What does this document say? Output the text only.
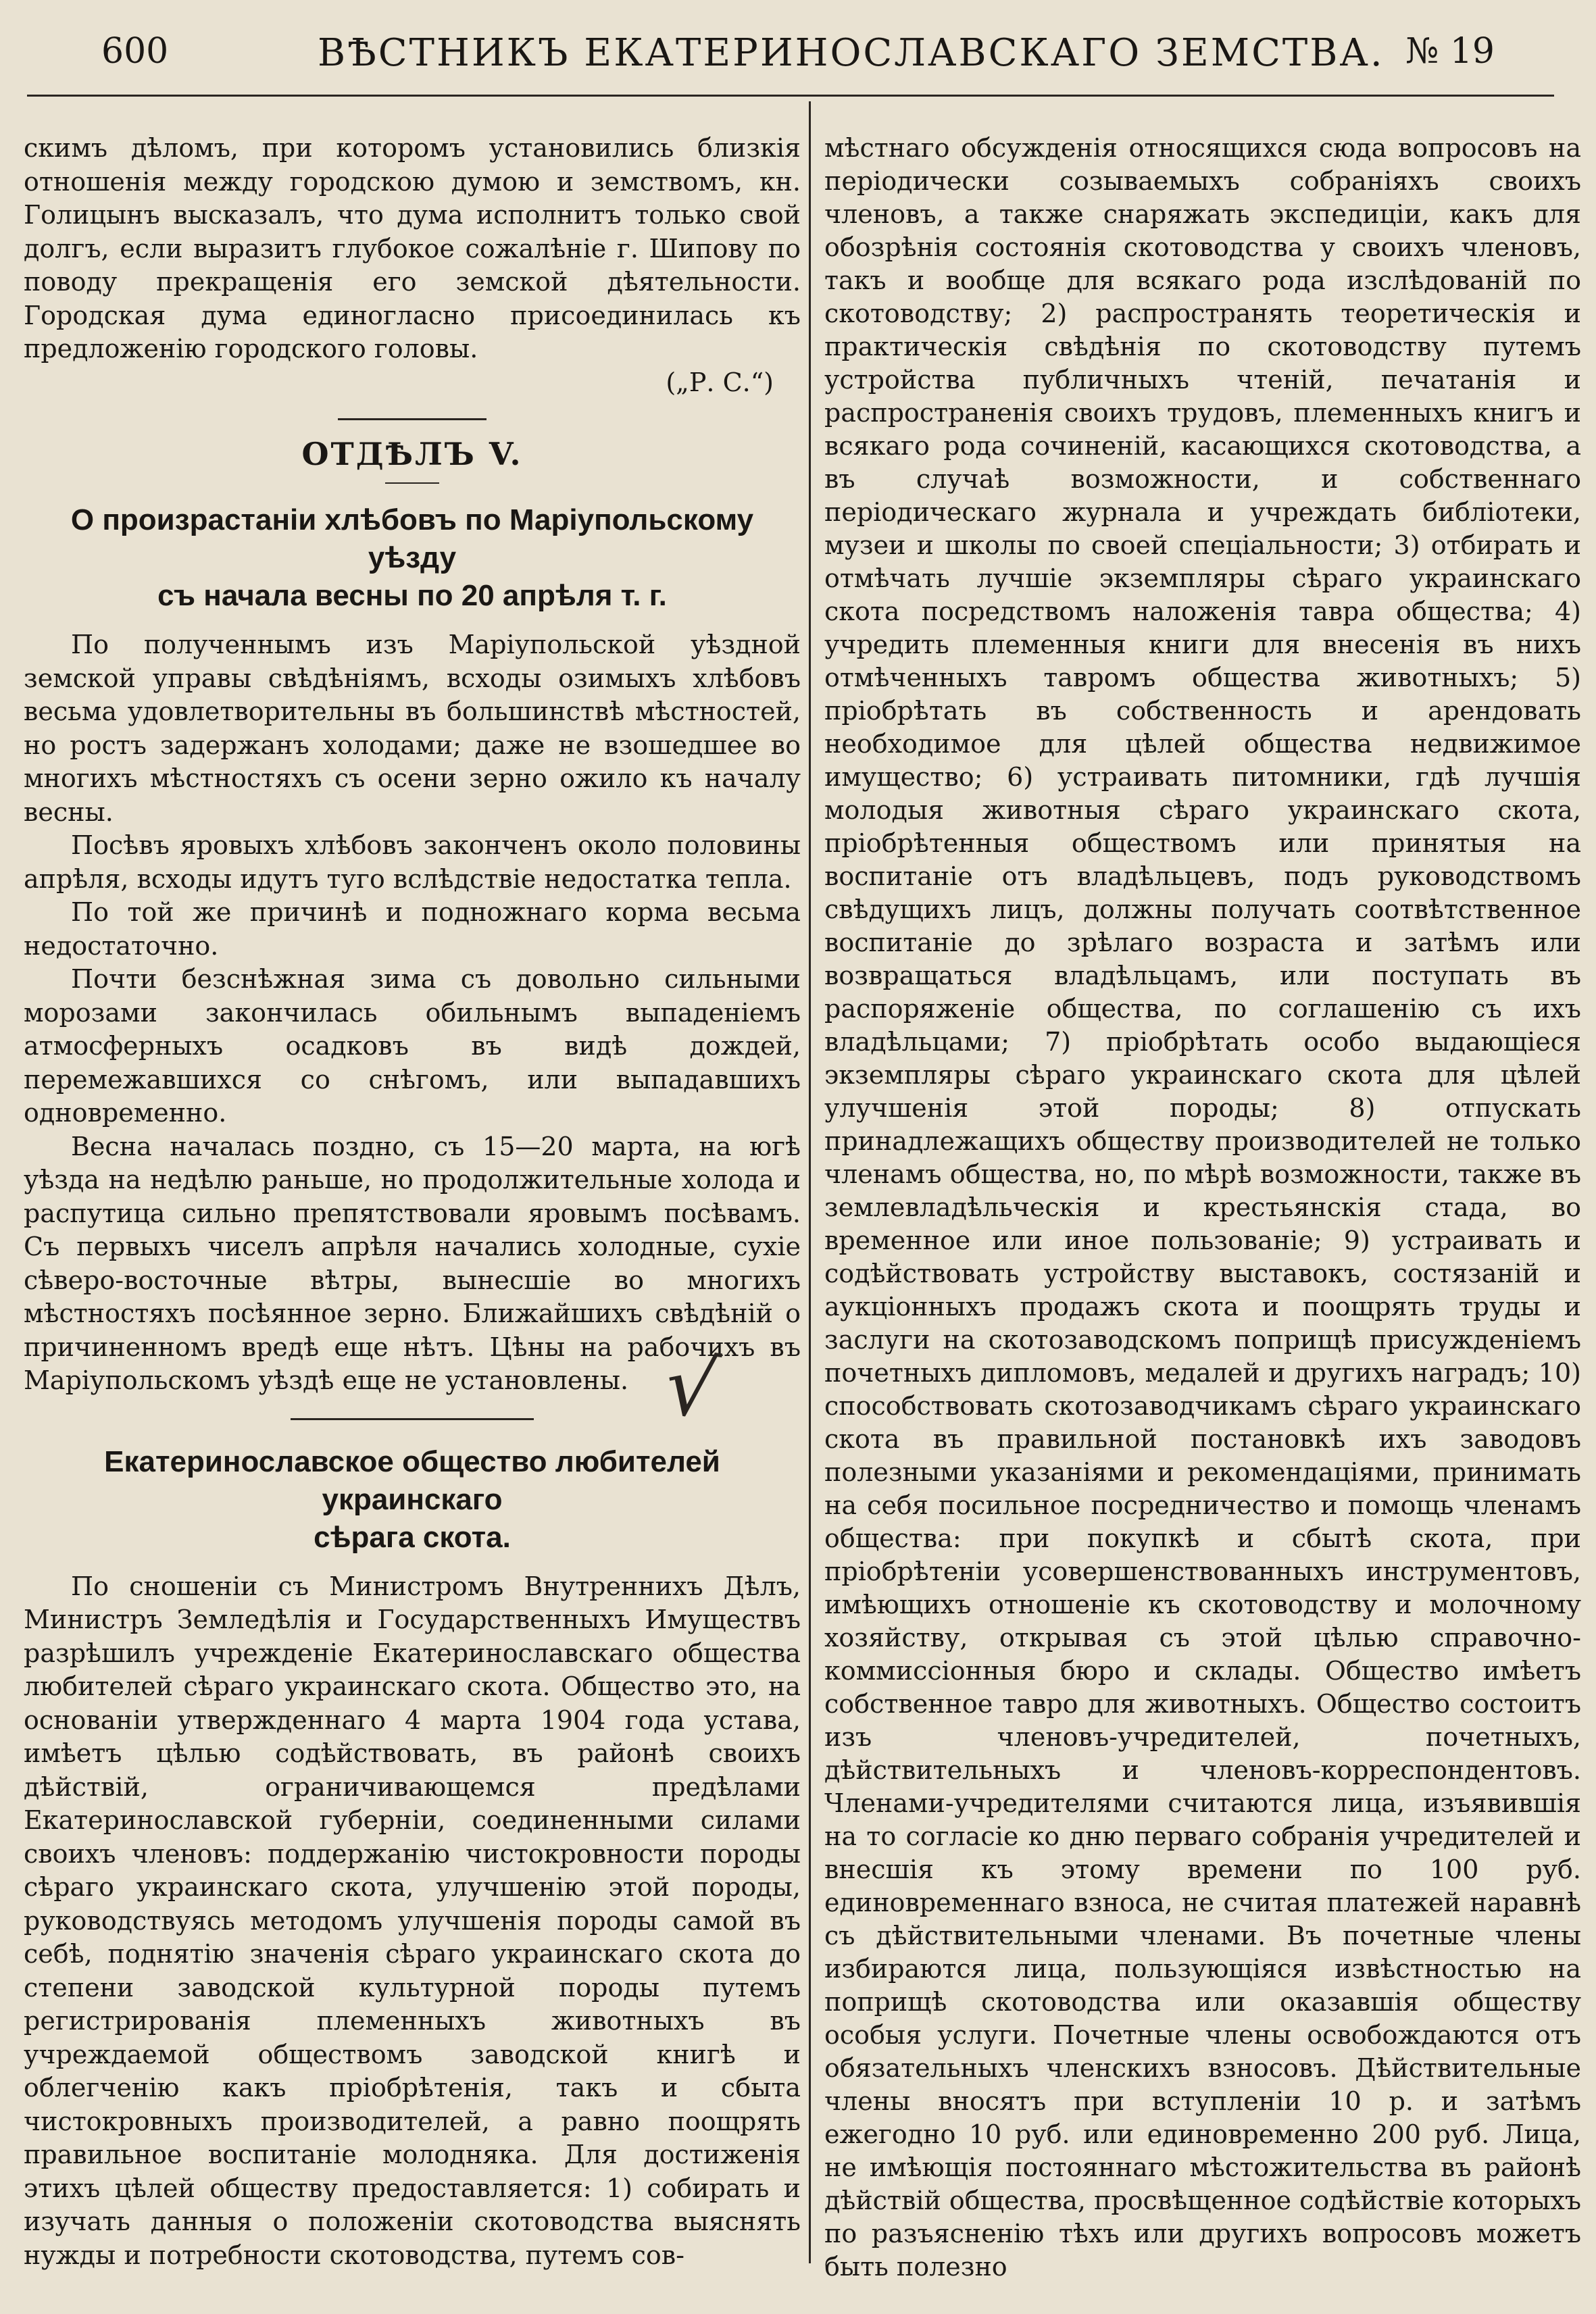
600	ВѢСТНИКЪ ЕКАТЕРИНОСЛАВСКАГО ЗЕМСТВА. № 19

скимъ дѣломъ, при которомъ установились близкія отношенія между городскою думою и земствомъ, кн. Голицынъ высказалъ, что дума исполнитъ только свой долгъ, если выразитъ глубокое сожалѣніе г. Шипову по поводу прекращенія его земской дѣятельности. Городская дума единогласно присоединилась къ предложенію городского головы.

(„Р. С.“)
ОТДѢЛЪ V.
О произрастаніи хлѣбовъ по Маріупольскому уѣзду
съ начала весны по 20 апрѣля т. г.

По полученнымъ изъ Маріупольской уѣздной земской управы свѣдѣніямъ, всходы озимыхъ хлѣбовъ весьма удовлетворительны въ большинствѣ мѣстностей, но ростъ задержанъ холодами; даже не взошедшее во многихъ мѣстностяхъ съ осени зерно ожило къ началу весны.

Посѣвъ яровыхъ хлѣбовъ законченъ около половины апрѣля, всходы идутъ туго вслѣдствіе недостатка тепла.

По той же причинѣ и подножнаго корма весьма недостаточно.

Почти безснѣжная зима съ довольно сильными морозами закончилась обильнымъ выпаденіемъ атмосферныхъ осадковъ въ видѣ дождей, перемежавшихся со снѣгомъ, или выпадавшихъ одновременно.

Весна началась поздно, съ 15—20 марта, на югѣ уѣзда на недѣлю раньше, но продолжительные холода и распутица сильно препятствовали яровымъ посѣвамъ. Съ первыхъ чиселъ апрѣля начались холодные, сухіе сѣверо-восточные вѣтры, вынесшіе во многихъ мѣстностяхъ посѣянное зерно. Ближайшихъ свѣдѣній о причиненномъ вредѣ еще нѣтъ. Цѣны на рабочихъ въ Маріупольскомъ уѣздѣ еще не установлены.

Екатеринославское общество любителей украинскаго
сѣрага скота.

По сношеніи съ Министромъ Внутреннихъ Дѣлъ, Министръ Земледѣлія и Государственныхъ Имуществъ разрѣшилъ учрежденіе Екатеринославскаго общества любителей сѣраго украинскаго скота. Общество это, на основаніи утвержденнаго 4 марта 1904 года устава, имѣетъ цѣлью содѣйствовать, въ районѣ своихъ дѣйствій, ограничивающемся предѣлами Екатеринославской губерніи, соединенными силами своихъ членовъ: поддержанію чистокровности породы сѣраго украинскаго скота, улучшенію этой породы, руководствуясь методомъ улучшенія породы самой въ себѣ, поднятію значенія сѣраго украинскаго скота до степени заводской культурной породы путемъ регистрированія племенныхъ животныхъ въ учреждаемой обществомъ заводской книгѣ и облегченію какъ пріобрѣтенія, такъ и сбыта чистокровныхъ производителей, а равно поощрять правильное воспитаніе молодняка. Для достиженія этихъ цѣлей обществу предоставляется: 1) собирать и изучать данныя о положеніи скотоводства выяснять нужды и потребности скотоводства, путемъ сов-

мѣстнаго обсужденія относящихся сюда вопросовъ на періодически созываемыхъ собраніяхъ своихъ членовъ, а также снаряжать экспедиціи, какъ для обозрѣнія состоянія скотоводства у своихъ членовъ, такъ и вообще для всякаго рода изслѣдованій по скотоводству; 2) распространять теоретическія и практическія свѣдѣнія по скотоводству путемъ устройства публичныхъ чтеній, печатанія и распространенія своихъ трудовъ, племенныхъ книгъ и всякаго рода сочиненій, касающихся скотоводства, а въ случаѣ возможности, и собственнаго періодическаго журнала и учреждать библіотеки, музеи и школы по своей спеціальности; 3) отбирать и отмѣчать лучшіе экземпляры сѣраго украинскаго скота посредствомъ наложенія тавра общества; 4) учредить племенныя книги для внесенія въ нихъ отмѣченныхъ тавромъ общества животныхъ; 5) пріобрѣтать въ собственность и арендовать необходимое для цѣлей общества недвижимое имущество; 6) устраивать питомники, гдѣ лучшія молодыя животныя сѣраго украинскаго скота, пріобрѣтенныя обществомъ или принятыя на воспитаніе отъ владѣльцевъ, подъ руководствомъ свѣдущихъ лицъ, должны получать соотвѣтственное воспитаніе до зрѣлаго возраста и затѣмъ или возвращаться владѣльцамъ, или поступать въ распоряженіе общества, по соглашенію съ ихъ владѣльцами; 7) пріобрѣтать особо выдающіеся экземпляры сѣраго украинскаго скота для цѣлей улучшенія этой породы; 8) отпускать принадлежащихъ обществу производителей не только членамъ общества, но, по мѣрѣ возможности, также въ землевладѣльческія и крестьянскія стада, во временное или иное пользованіе; 9) устраивать и содѣйствовать устройству выставокъ, состязаній и аукціонныхъ продажъ скота и поощрять труды и заслуги на скотозаводскомъ поприщѣ присужденіемъ почетныхъ дипломовъ, медалей и другихъ наградъ; 10) способствовать скотозаводчикамъ сѣраго украинскаго скота въ правильной постановкѣ ихъ заводовъ полезными указаніями и рекомендаціями, принимать на себя посильное посредничество и помощь членамъ общества: при покупкѣ и сбытѣ скота, при пріобрѣтеніи усовершенствованныхъ инструментовъ, имѣющихъ отношеніе къ скотоводству и молочному хозяйству, открывая съ этой цѣлью справочно-коммиссіонныя бюро и склады. Общество имѣетъ собственное тавро для животныхъ. Общество состоитъ изъ членовъ-учредителей, почетныхъ, дѣйствительныхъ и членовъ-корреспондентовъ. Членами-учредителями считаются лица, изъявившія на то согласіе ко дню перваго собранія учредителей и внесшія къ этому времени по 100 руб. единовременнаго взноса, не считая платежей наравнѣ съ дѣйствительными членами. Въ почетные члены избираются лица, пользующіяся извѣстностью на поприщѣ скотоводства или оказавшія обществу особыя услуги. Почетные члены освобождаются отъ обязательныхъ членскихъ взносовъ. Дѣйствительные члены вносятъ при вступленіи 10 р. и затѣмъ ежегодно 10 руб. или единовременно 200 руб. Лица, не имѣющія постояннаго мѣстожительства въ районѣ дѣйствій общества, просвѣщенное содѣйствіе которыхъ по разъясненію тѣхъ или другихъ вопросовъ можетъ быть полезно

√
